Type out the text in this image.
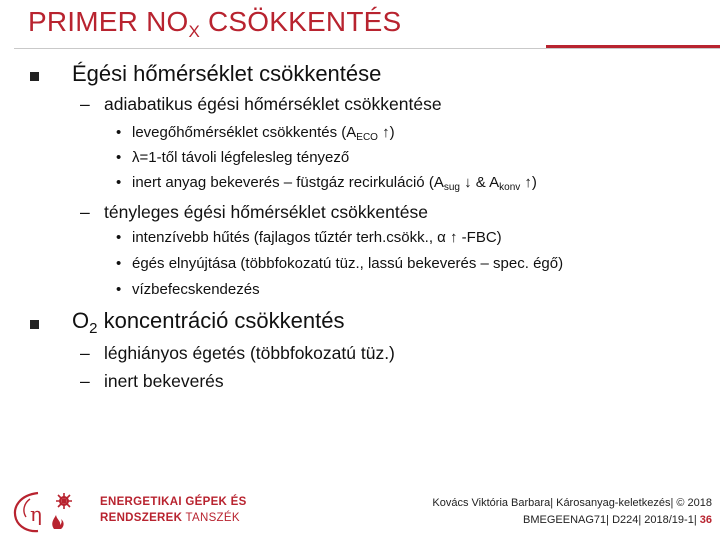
PRIMER $NO_X$ CSÖKKENTÉS
Égési hőmérséklet csökkentése
– adiabatikus égési hőmérséklet csökkentése
• levegőhőmérséklet csökkentés ($A_{ECO}$ ↑)
• λ=1-től távoli légfelesleg tényező
• inert anyag bekeverés – füstgáz recirkuláció ($A_{sug}$ ↓ & $A_{konv}$ ↑)
– tényleges égési hőmérséklet csökkentése
• intenzívebb hűtés (fajlagos tűztér terh.csökk., α ↑ -FBC)
• égés elnyújtása (többfokozatú tüz., lassú bekeverés – spec. égő)
• vízbefecskendezés
$O_2$ koncentráció csökkentés
– léghiányos égetés (többfokozatú tüz.)
– inert bekeverés
η	ENERGETIKAI GÉPEK ÉS
RENDSZEREK TANSZÉK
Kovács Viktória Barbara| Károsanyag-keletkezés| © 2018
BMEGEENAG71| D224| 2018/19-1| 36
